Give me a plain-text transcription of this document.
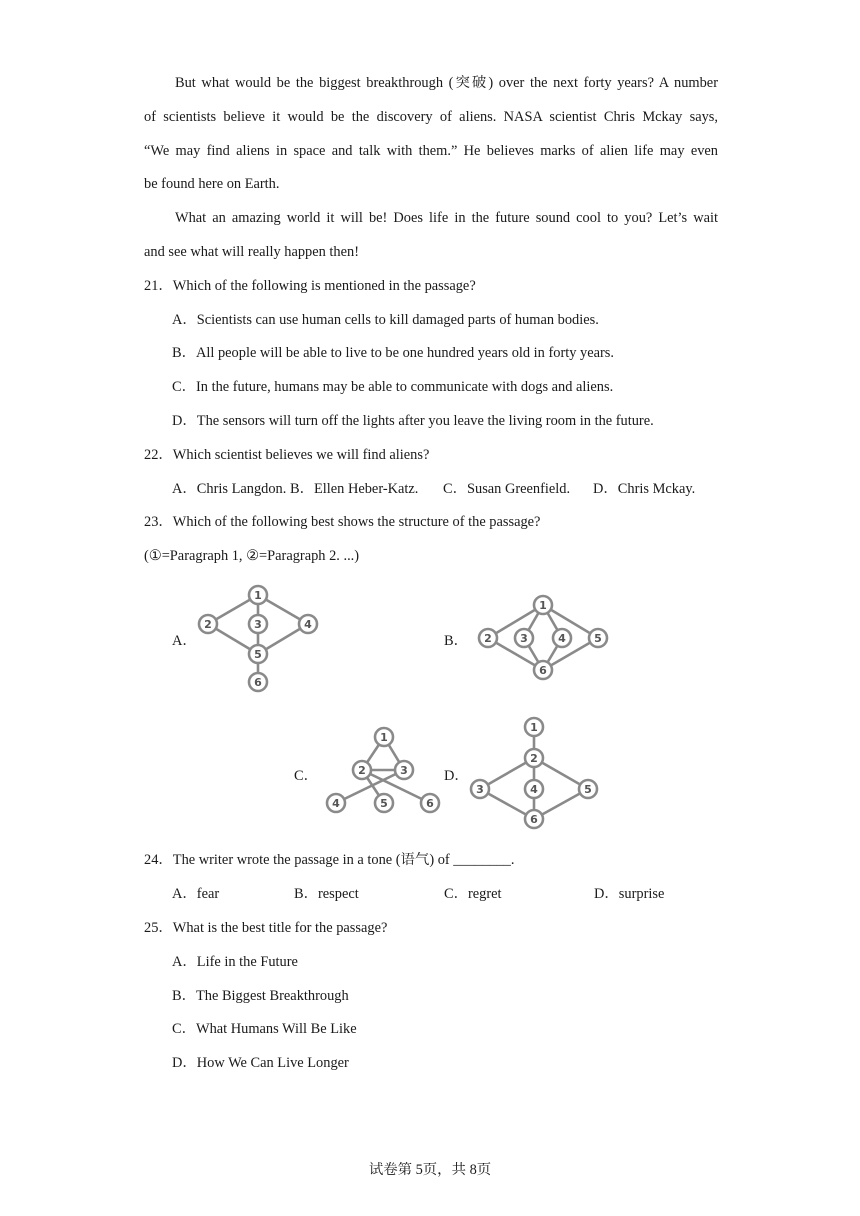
But what would be the biggest breakthrough (突破) over the next forty years? A number
of scientists believe it would be the discovery of aliens. NASA scientist Chris Mckay says,
“We may find aliens in space and talk with them.” He believes marks of alien life may even
be found here on Earth.
What an amazing world it will be! Does life in the future sound cool to you? Let’s wait
and see what will really happen then!
21．Which of the following is mentioned in the passage?
A．Scientists can use human cells to kill damaged parts of human bodies.
B．All people will be able to live to be one hundred years old in forty years.
C．In the future, humans may be able to communicate with dogs and aliens.
D．The sensors will turn off the lights after you leave the living room in the future.
22．Which scientist believes we will find aliens?
A．Chris Langdon. B．Ellen Heber-Katz. C．Susan Greenfield. D．Chris Mckay.
23．Which of the following best shows the structure of the passage?
(①=Paragraph 1, ②=Paragraph 2. ...)
A．
1
2	3	4
5
6
B．
1
2	3	4	5
6
C．
1
2	3
4	5	6
˙ ˙
D．
1
2
3	4	5
6
24．The writer wrote the passage in a tone (语气) of ________.
A．fear	B．respect	C．regret	D．surprise
25．What is the best title for the passage?
A．Life in the Future
B．The Biggest Breakthrough
C．What Humans Will Be Like
D．How We Can Live Longer
试卷第 5页，共 8页
